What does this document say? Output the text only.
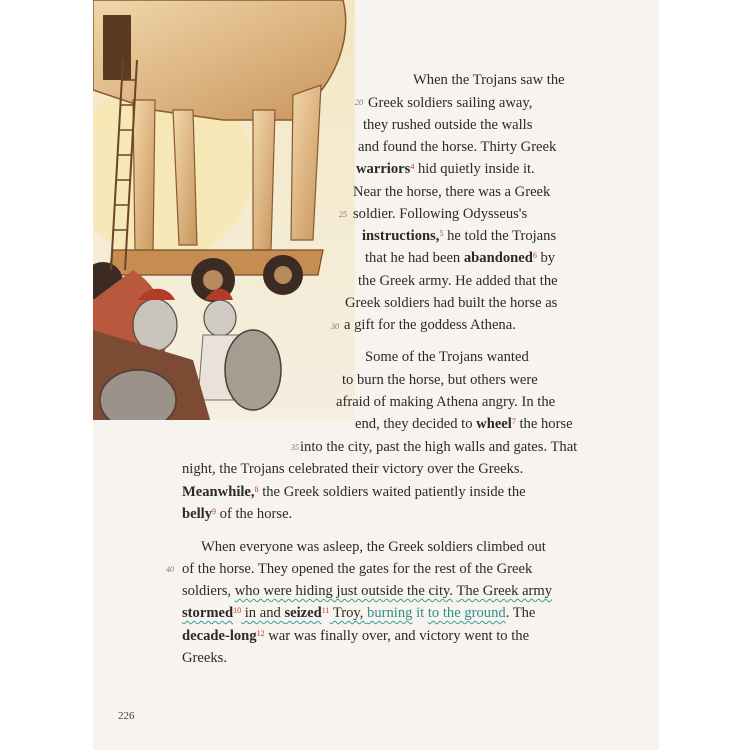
20
25
30
35
40
When the Trojans saw the
Greek soldiers sailing away,
they rushed outside the walls
and found the horse. Thirty Greek
warriors$^4$ hid quietly inside it.
Near the horse, there was a Greek
soldier. Following Odysseus's
instructions,$^5$ he told the Trojans
that he had been abandoned$^6$ by
the Greek army. He added that the
Greek soldiers had built the horse as
a gift for the goddess Athena.
Some of the Trojans wanted
to burn the horse, but others were
afraid of making Athena angry. In the
end, they decided to wheel$^7$ the horse
into the city, past the high walls and gates. That
night, the Trojans celebrated their victory over the Greeks.
Meanwhile,$^8$ the Greek soldiers waited patiently inside the
belly$^9$ of the horse.
When everyone was asleep, the Greek soldiers climbed out
of the horse. They opened the gates for the rest of the Greek
soldiers, who were hiding just outside the city. The Greek army
stormed$^{10}$ in and seized$^{11}$ Troy, burning it to the ground. The
decade-long$^{12}$ war was finally over, and victory went to the
Greeks.
226
